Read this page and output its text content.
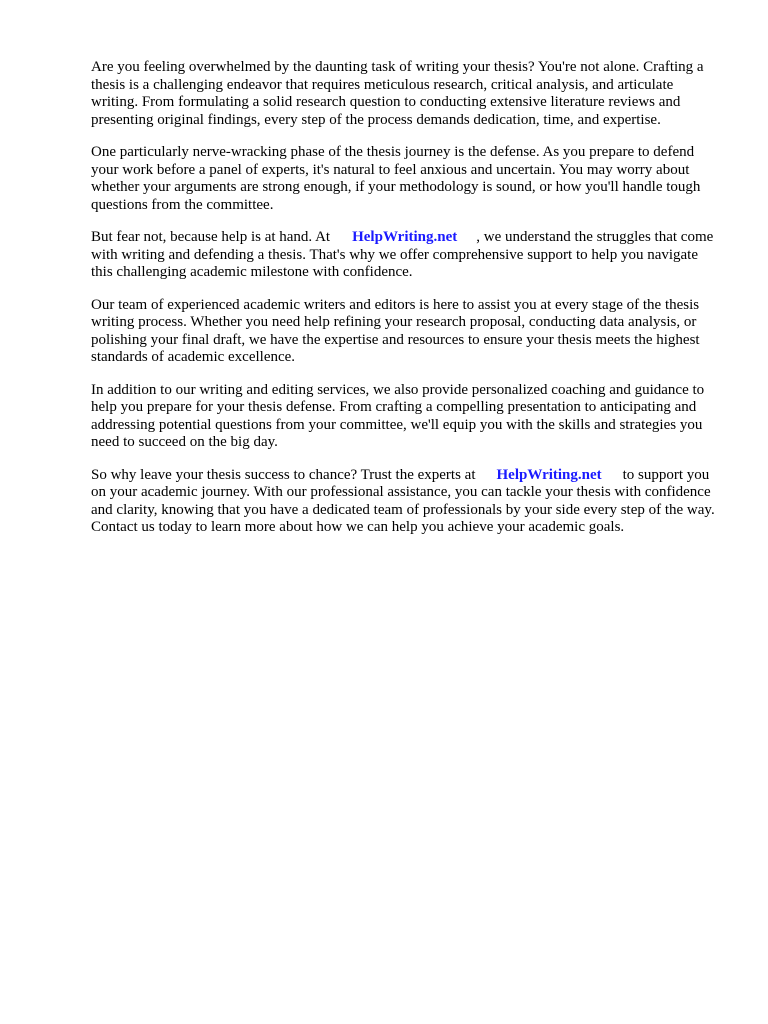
Are you feeling overwhelmed by the daunting task of writing your thesis? You're not alone. Crafting a thesis is a challenging endeavor that requires meticulous research, critical analysis, and articulate writing. From formulating a solid research question to conducting extensive literature reviews and presenting original findings, every step of the process demands dedication, time, and expertise.

One particularly nerve-wracking phase of the thesis journey is the defense. As you prepare to defend your work before a panel of experts, it's natural to feel anxious and uncertain. You may worry about whether your arguments are strong enough, if your methodology is sound, or how you'll handle tough questions from the committee.

But fear not, because help is at hand. At HelpWriting.net , we understand the struggles that come with writing and defending a thesis. That's why we offer comprehensive support to help you navigate this challenging academic milestone with confidence.

Our team of experienced academic writers and editors is here to assist you at every stage of the thesis writing process. Whether you need help refining your research proposal, conducting data analysis, or polishing your final draft, we have the expertise and resources to ensure your thesis meets the highest standards of academic excellence.

In addition to our writing and editing services, we also provide personalized coaching and guidance to help you prepare for your thesis defense. From crafting a compelling presentation to anticipating and addressing potential questions from your committee, we'll equip you with the skills and strategies you need to succeed on the big day.

So why leave your thesis success to chance? Trust the experts at HelpWriting.net to support you on your academic journey. With our professional assistance, you can tackle your thesis with confidence and clarity, knowing that you have a dedicated team of professionals by your side every step of the way. Contact us today to learn more about how we can help you achieve your academic goals.
